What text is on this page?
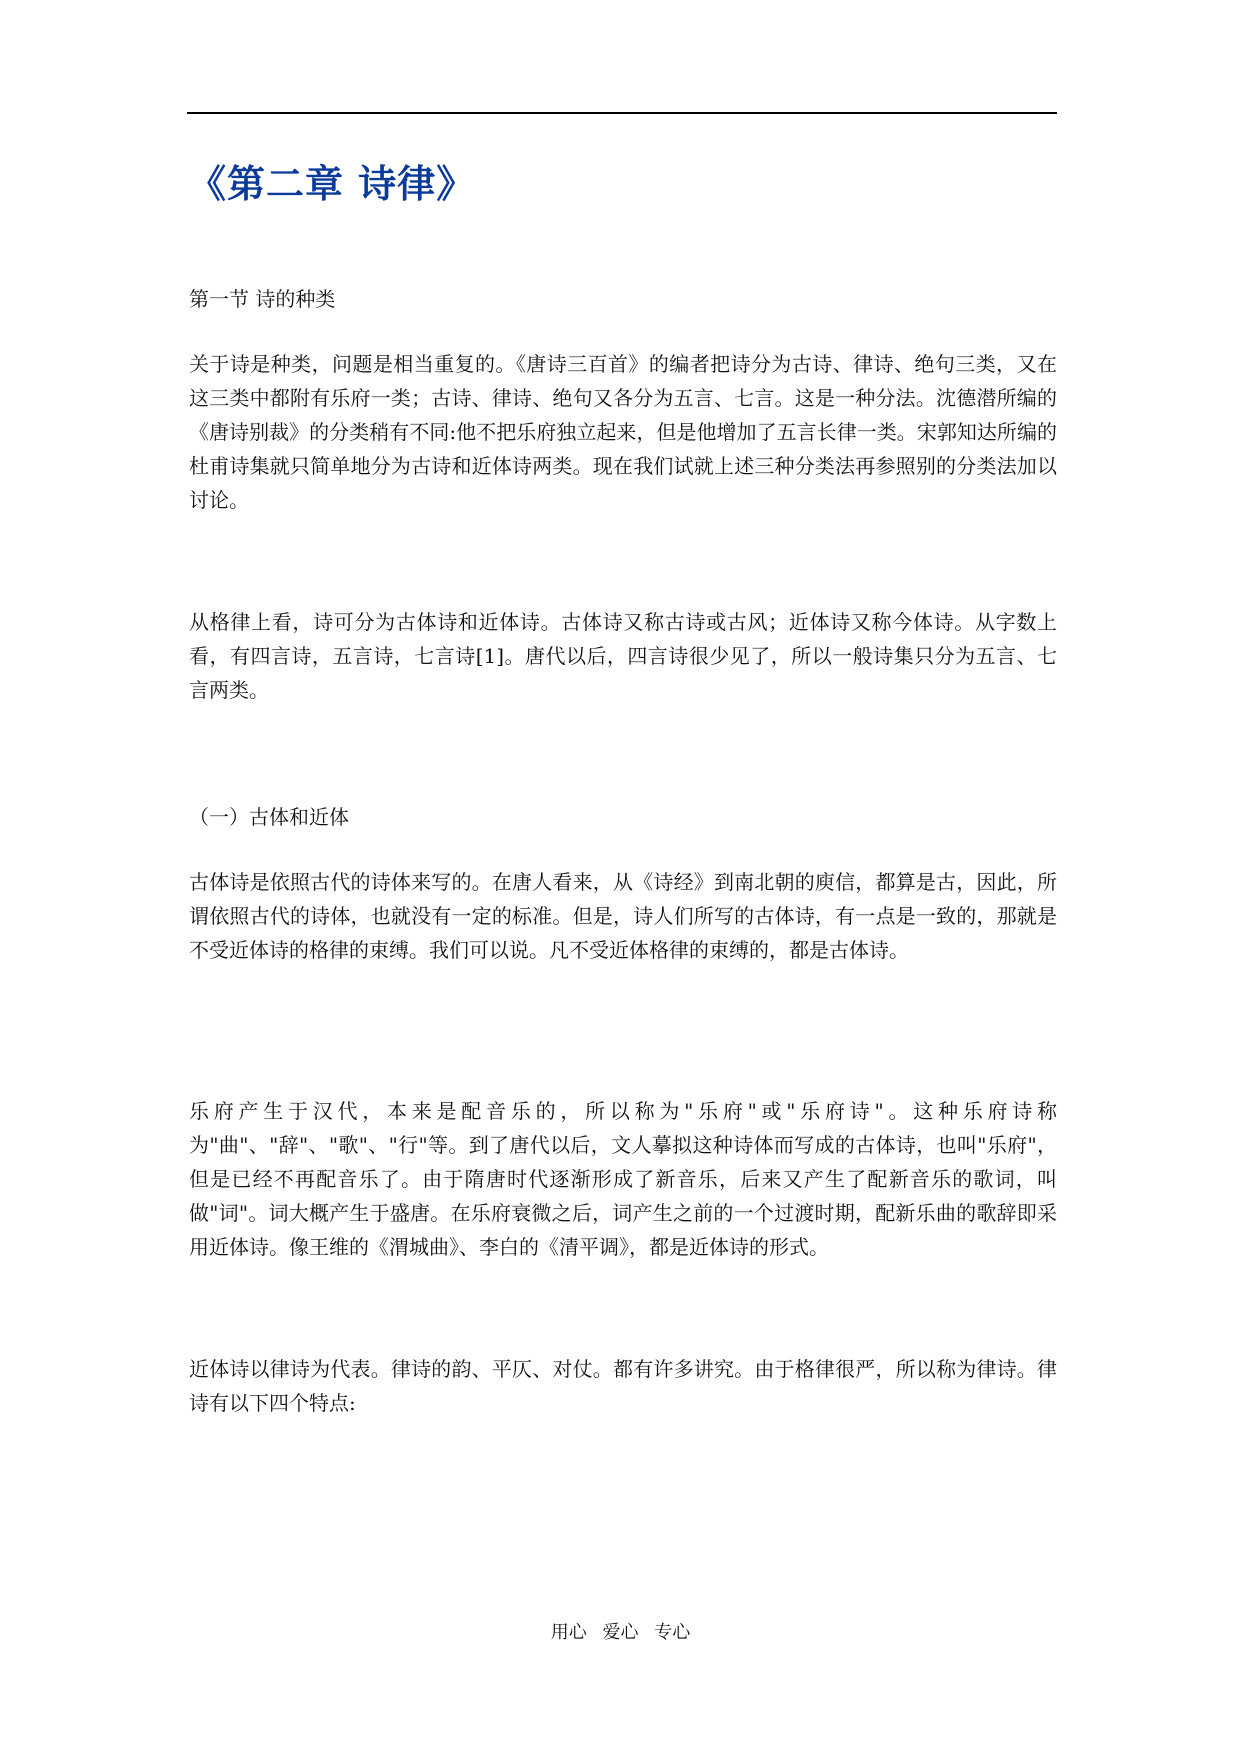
《第二章 诗律》

第一节 诗的种类

关于诗是种类，问题是相当重复的。《唐诗三百首》的编者把诗分为古诗、律诗、绝句三类，又在这三类中都附有乐府一类；古诗、律诗、绝句又各分为五言、七言。这是一种分法。沈德潜所编的《唐诗别裁》的分类稍有不同:他不把乐府独立起来，但是他增加了五言长律一类。宋郭知达所编的杜甫诗集就只简单地分为古诗和近体诗两类。现在我们试就上述三种分类法再参照别的分类法加以讨论。

从格律上看，诗可分为古体诗和近体诗。古体诗又称古诗或古风；近体诗又称今体诗。从字数上看，有四言诗，五言诗，七言诗[1]。唐代以后，四言诗很少见了，所以一般诗集只分为五言、七言两类。

（一）古体和近体

古体诗是依照古代的诗体来写的。在唐人看来，从《诗经》到南北朝的庾信，都算是古，因此，所谓依照古代的诗体，也就没有一定的标准。但是，诗人们所写的古体诗，有一点是一致的，那就是不受近体诗的格律的束缚。我们可以说。凡不受近体格律的束缚的，都是古体诗。

乐府产生于汉代，本来是配音乐的，所以称为"乐府"或"乐府诗"。这种乐府诗称为"曲"、"辞"、"歌"、"行"等。到了唐代以后，文人摹拟这种诗体而写成的古体诗，也叫"乐府"，但是已经不再配音乐了。由于隋唐时代逐渐形成了新音乐，后来又产生了配新音乐的歌词，叫做"词"。词大概产生于盛唐。在乐府衰微之后，词产生之前的一个过渡时期，配新乐曲的歌辞即采用近体诗。像王维的《渭城曲》、李白的《清平调》，都是近体诗的形式。

近体诗以律诗为代表。律诗的韵、平仄、对仗。都有许多讲究。由于格律很严，所以称为律诗。律诗有以下四个特点:

用心 爱心 专心
